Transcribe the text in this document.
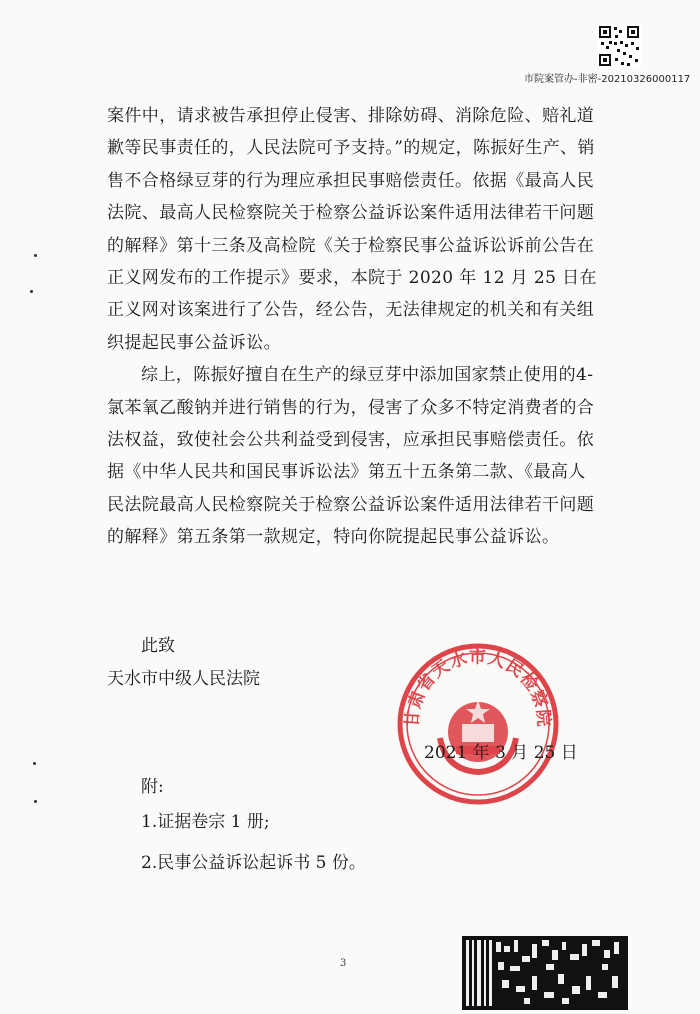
市院案管办-非密-20210326000117

案件中，请求被告承担停止侵害、排除妨碍、消除危险、赔礼道歉等民事责任的，人民法院可予支持。”的规定，陈振好生产、销售不合格绿豆芽的行为理应承担民事赔偿责任。依据《最高人民法院、最高人民检察院关于检察公益诉讼案件适用法律若干问题的解释》第十三条及高检院《关于检察民事公益诉讼诉前公告在正义网发布的工作提示》要求，本院于 2020 年 12 月 25 日在正义网对该案进行了公告，经公告，无法律规定的机关和有关组织提起民事公益诉讼。

综上，陈振好擅自在生产的绿豆芽中添加国家禁止使用的4-氯苯氧乙酸钠并进行销售的行为，侵害了众多不特定消费者的合法权益，致使社会公共利益受到侵害，应承担民事赔偿责任。依据《中华人民共和国民事诉讼法》第五十五条第二款、《最高人民法院最高人民检察院关于检察公益诉讼案件适用法律若干问题的解释》第五条第一款规定，特向你院提起民事公益诉讼。

此致
天水市中级人民法院
甘肃省天水市人民检察院
2021 年 3 月 25 日
附:
1.证据卷宗 1 册;
2.民事公益诉讼起诉书 5 份。
3
